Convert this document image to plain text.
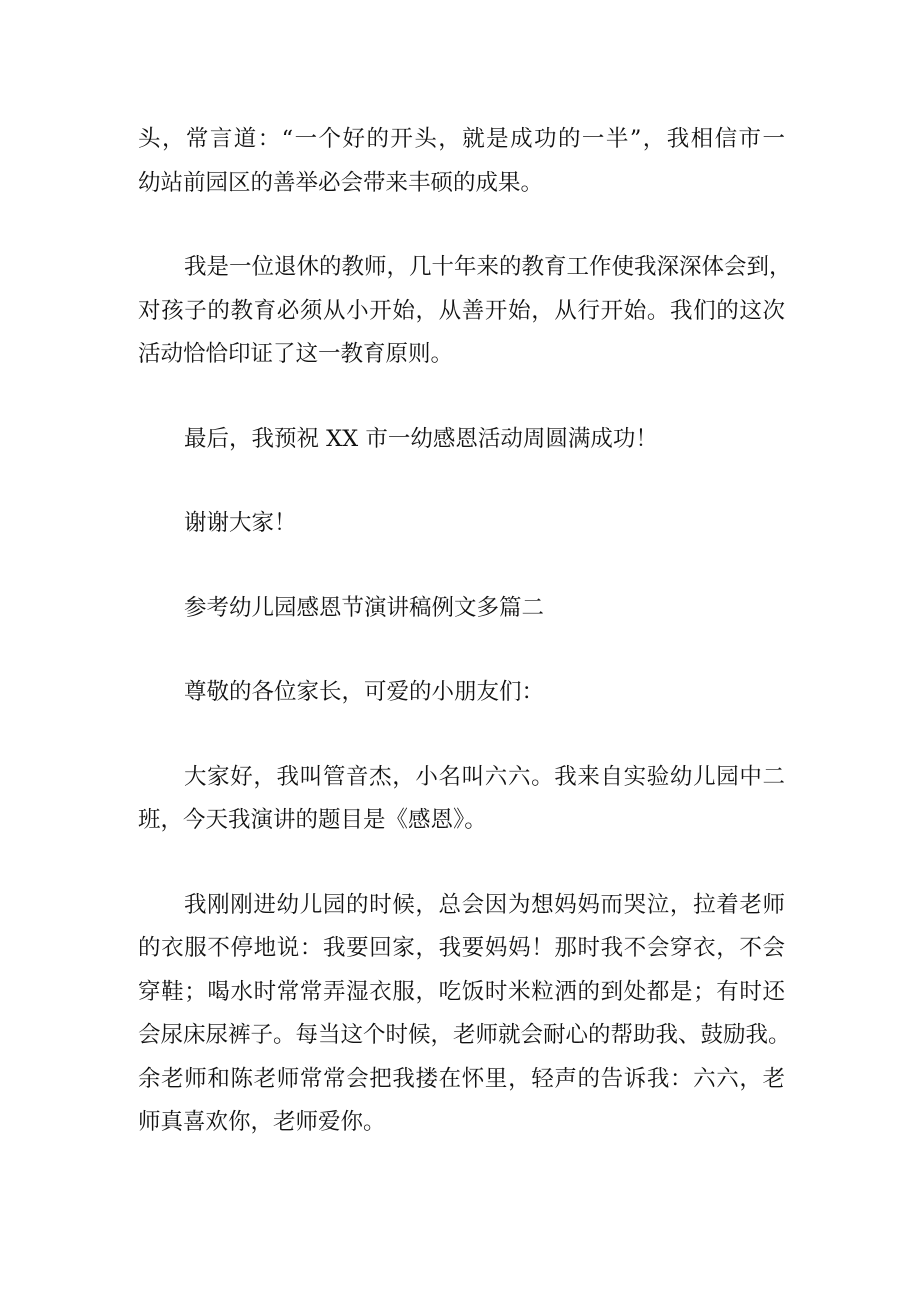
头，常言道：“一个好的开头，就是成功的一半”，我相信市一
幼站前园区的善举必会带来丰硕的成果。
我是一位退休的教师，几十年来的教育工作使我深深体会到，
对孩子的教育必须从小开始，从善开始，从行开始。我们的这次
活动恰恰印证了这一教育原则。
最后，我预祝 XX 市一幼感恩活动周圆满成功！
谢谢大家！
参考幼儿园感恩节演讲稿例文多篇二
尊敬的各位家长，可爱的小朋友们：
大家好，我叫管音杰，小名叫六六。我来自实验幼儿园中二
班，今天我演讲的题目是《感恩》。
我刚刚进幼儿园的时候，总会因为想妈妈而哭泣，拉着老师
的衣服不停地说：我要回家，我要妈妈！那时我不会穿衣，不会
穿鞋；喝水时常常弄湿衣服，吃饭时米粒洒的到处都是；有时还
会尿床尿裤子。每当这个时候，老师就会耐心的帮助我、鼓励我。
余老师和陈老师常常会把我搂在怀里，轻声的告诉我：六六，老
师真喜欢你，老师爱你。
